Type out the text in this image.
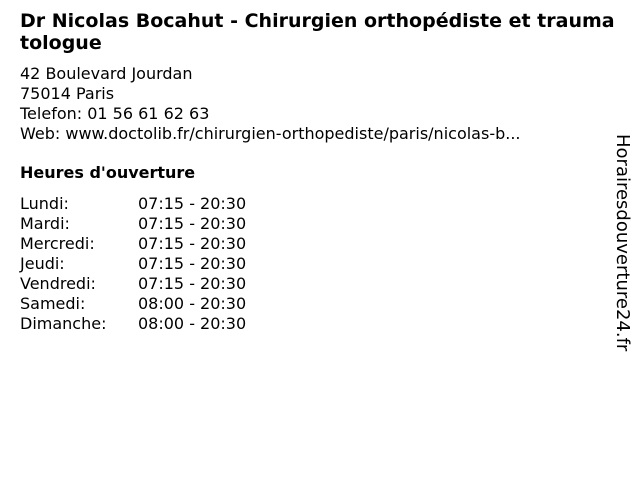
Dr Nicolas Bocahut - Chirurgien orthopédiste et traumatologue
42 Boulevard Jourdan
75014 Paris
Telefon: 01 56 61 62 63
Web: www.doctolib.fr/chirurgien-orthopediste/paris/nicolas-b...
Heures d'ouverture
Lundi:	07:15 - 20:30
Mardi:	07:15 - 20:30
Mercredi:	07:15 - 20:30
Jeudi:	07:15 - 20:30
Vendredi:	07:15 - 20:30
Samedi:	08:00 - 20:30
Dimanche:	08:00 - 20:30	Horairesdouverture24.fr
